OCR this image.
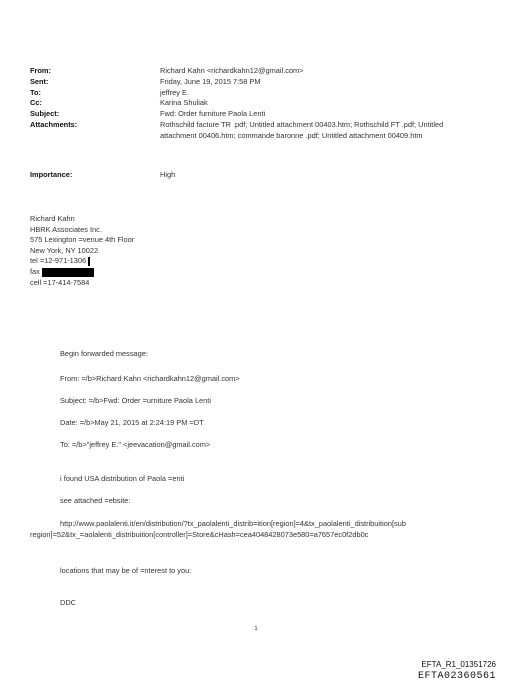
From:	Richard Kahn <richardkahn12@gmail.com>
Sent:	Friday, June 19, 2015 7:58 PM
To:	jeffrey E.
Cc:	Karina Shuliak
Subject:	Fwd: Order furniture Paola Lenti
Attachments:	Rothschild facture TR .pdf; Untitled attachment 00403.htm; Rothschild FT .pdf; Untitled attachment 00406.htm; commande baronne .pdf; Untitled attachment 00409.htm
Importance:	High
Richard Kahn
HBRK Associates Inc.
575 Lexington =venue 4th Floor
New York, NY 10022
tel =12-971-1306
fax
cell =17-414-7584
Begin forwarded message:
From: =/b>Richard Kahn <richardkahn12@gmail.com>
Subject: =/b>Fwd: Order =urniture Paola Lenti
Date: =/b>May 21, 2015 at 2:24:19 PM =DT
To: =/b>"jeffrey E." <jeevacation@gmail.com>
i found USA distribution of Paola =enti
see attached =ebsite:
http://www.paolalenti.it/en/distribution/?tx_paolalenti_distrib=ition[region]=4&tx_paolalenti_distribuition[sub
region]=52&tx_=aolalenti_distribuition[controller]=Store&cHash=cea4048428073e580=a7657ec0f2db0c
locations that may be of =nterest to you:
DDC
1
EFTA_R1_01351726
EFTA02360561
